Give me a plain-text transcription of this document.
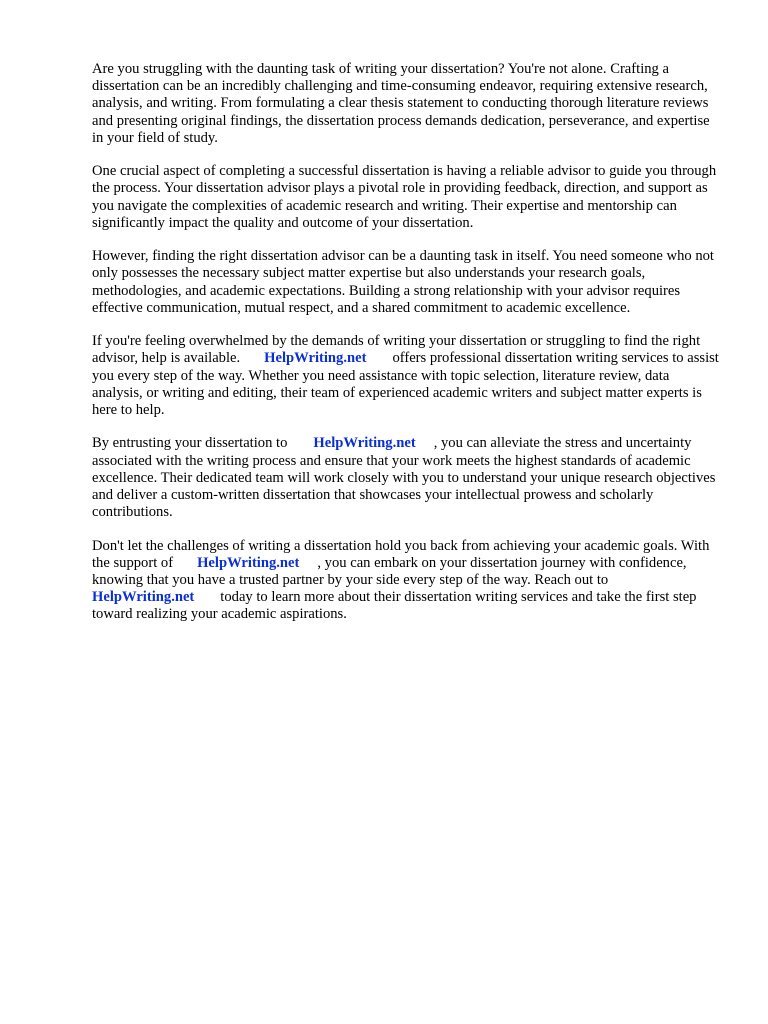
Are you struggling with the daunting task of writing your dissertation? You're not alone. Crafting a dissertation can be an incredibly challenging and time-consuming endeavor, requiring extensive research, analysis, and writing. From formulating a clear thesis statement to conducting thorough literature reviews and presenting original findings, the dissertation process demands dedication, perseverance, and expertise in your field of study.

One crucial aspect of completing a successful dissertation is having a reliable advisor to guide you through the process. Your dissertation advisor plays a pivotal role in providing feedback, direction, and support as you navigate the complexities of academic research and writing. Their expertise and mentorship can significantly impact the quality and outcome of your dissertation.

However, finding the right dissertation advisor can be a daunting task in itself. You need someone who not only possesses the necessary subject matter expertise but also understands your research goals, methodologies, and academic expectations. Building a strong relationship with your advisor requires effective communication, mutual respect, and a shared commitment to academic excellence.

If you're feeling overwhelmed by the demands of writing your dissertation or struggling to find the right advisor, help is available. HelpWriting.net offers professional dissertation writing services to assist you every step of the way. Whether you need assistance with topic selection, literature review, data analysis, or writing and editing, their team of experienced academic writers and subject matter experts is here to help.

By entrusting your dissertation to HelpWriting.net , you can alleviate the stress and uncertainty associated with the writing process and ensure that your work meets the highest standards of academic excellence. Their dedicated team will work closely with you to understand your unique research objectives and deliver a custom-written dissertation that showcases your intellectual prowess and scholarly contributions.

Don't let the challenges of writing a dissertation hold you back from achieving your academic goals. With the support of HelpWriting.net , you can embark on your dissertation journey with confidence, knowing that you have a trusted partner by your side every step of the way. Reach out toHelpWriting.net today to learn more about their dissertation writing services and take the first step toward realizing your academic aspirations.
